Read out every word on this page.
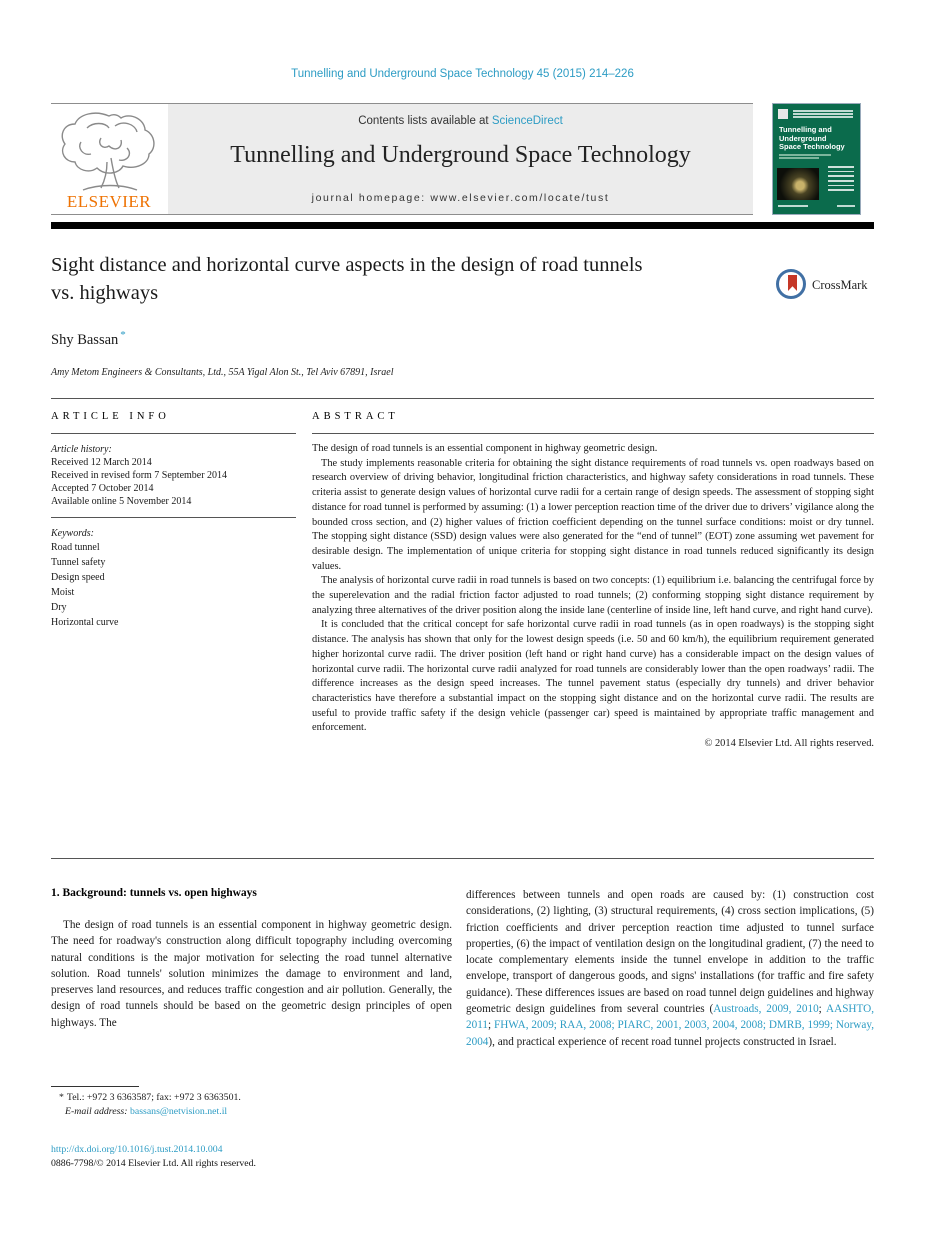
Tunnelling and Underground Space Technology 45 (2015) 214–226
ELSEVIER
Contents lists available at ScienceDirect
Tunnelling and Underground Space Technology
journal homepage: www.elsevier.com/locate/tust
Tunnelling and Underground Space Technology
Sight distance and horizontal curve aspects in the design of road tunnels
vs. highways	CrossMark
Shy Bassan *
Amy Metom Engineers & Consultants, Ltd., 55A Yigal Alon St., Tel Aviv 67891, Israel
ARTICLE INFO
Article history:
Received 12 March 2014
Received in revised form 7 September 2014
Accepted 7 October 2014
Available online 5 November 2014
Keywords:
Road tunnel
Tunnel safety
Design speed
Moist
Dry
Horizontal curve
ABSTRACT

The design of road tunnels is an essential component in highway geometric design.

The study implements reasonable criteria for obtaining the sight distance requirements of road tunnels vs. open roadways based on research overview of driving behavior, longitudinal friction characteristics, and highway safety considerations in road tunnels. These criteria assist to generate design values of horizontal curve radii for a certain range of design speeds. The assessment of stopping sight distance for road tunnel is performed by assuming: (1) a lower perception reaction time of the driver due to drivers’ vigilance along the bounded cross section, and (2) higher values of friction coefficient depending on the tunnel surface conditions: moist or dry tunnel. The stopping sight distance (SSD) design values were also generated for the “end of tunnel” (EOT) zone assuming wet pavement for desirable design. The implementation of unique criteria for stopping sight distance in road tunnels reduced significantly its design values.

The analysis of horizontal curve radii in road tunnels is based on two concepts: (1) equilibrium i.e. balancing the centrifugal force by the superelevation and the radial friction factor adjusted to road tunnels; (2) conforming stopping sight distance requirement by analyzing three alternatives of the driver position along the inside lane (centerline of inside line, left hand curve, and right hand curve).

It is concluded that the critical concept for safe horizontal curve radii in road tunnels (as in open roadways) is the stopping sight distance. The analysis has shown that only for the lowest design speeds (i.e. 50 and 60 km/h), the equilibrium requirement generated higher horizontal curve radii. The driver position (left hand or right hand curve) has a considerable impact on the design values of horizontal curve radii. The horizontal curve radii analyzed for road tunnels are considerably lower than the open roadways’ radii. The difference increases as the design speed increases. The tunnel pavement status (especially dry tunnels) and driver behavior characteristics have therefore a substantial impact on the stopping sight distance and on the horizontal curve radii. The results are useful to provide traffic safety if the design vehicle (passenger car) speed is maintained by appropriate traffic management and enforcement.

© 2014 Elsevier Ltd. All rights reserved.
1. Background: tunnels vs. open highways

The design of road tunnels is an essential component in highway geometric design. The need for roadway's construction along difficult topography including overcoming natural conditions is the major motivation for selecting the road tunnel alternative solution. Road tunnels' solution minimizes the damage to environment and land, preserves land resources, and reduces traffic congestion and air pollution. Generally, the design of road tunnels should be based on the geometric design principles of open highways. The

differences between tunnels and open roads are caused by: (1) construction cost considerations, (2) lighting, (3) structural requirements, (4) cross section implications, (5) friction coefficients and driver perception reaction time adjusted to tunnel surface properties, (6) the impact of ventilation design on the longitudinal gradient, (7) the need to locate complementary elements inside the tunnel envelope in addition to the traffic envelope, transport of dangerous goods, and signs' installations (for traffic and fire safety guidance). These differences issues are based on road tunnel deign guidelines and highway geometric design guidelines from several countries (Austroads, 2009, 2010; AASHTO, 2011; FHWA, 2009; RAA, 2008; PIARC, 2001, 2003, 2004, 2008; DMRB, 1999; Norway, 2004), and practical experience of recent road tunnel projects constructed in Israel.

* Tel.: +972 3 6363587; fax: +972 3 6363501.
E-mail address: bassans@netvision.net.il
http://dx.doi.org/10.1016/j.tust.2014.10.004
0886-7798/© 2014 Elsevier Ltd. All rights reserved.
